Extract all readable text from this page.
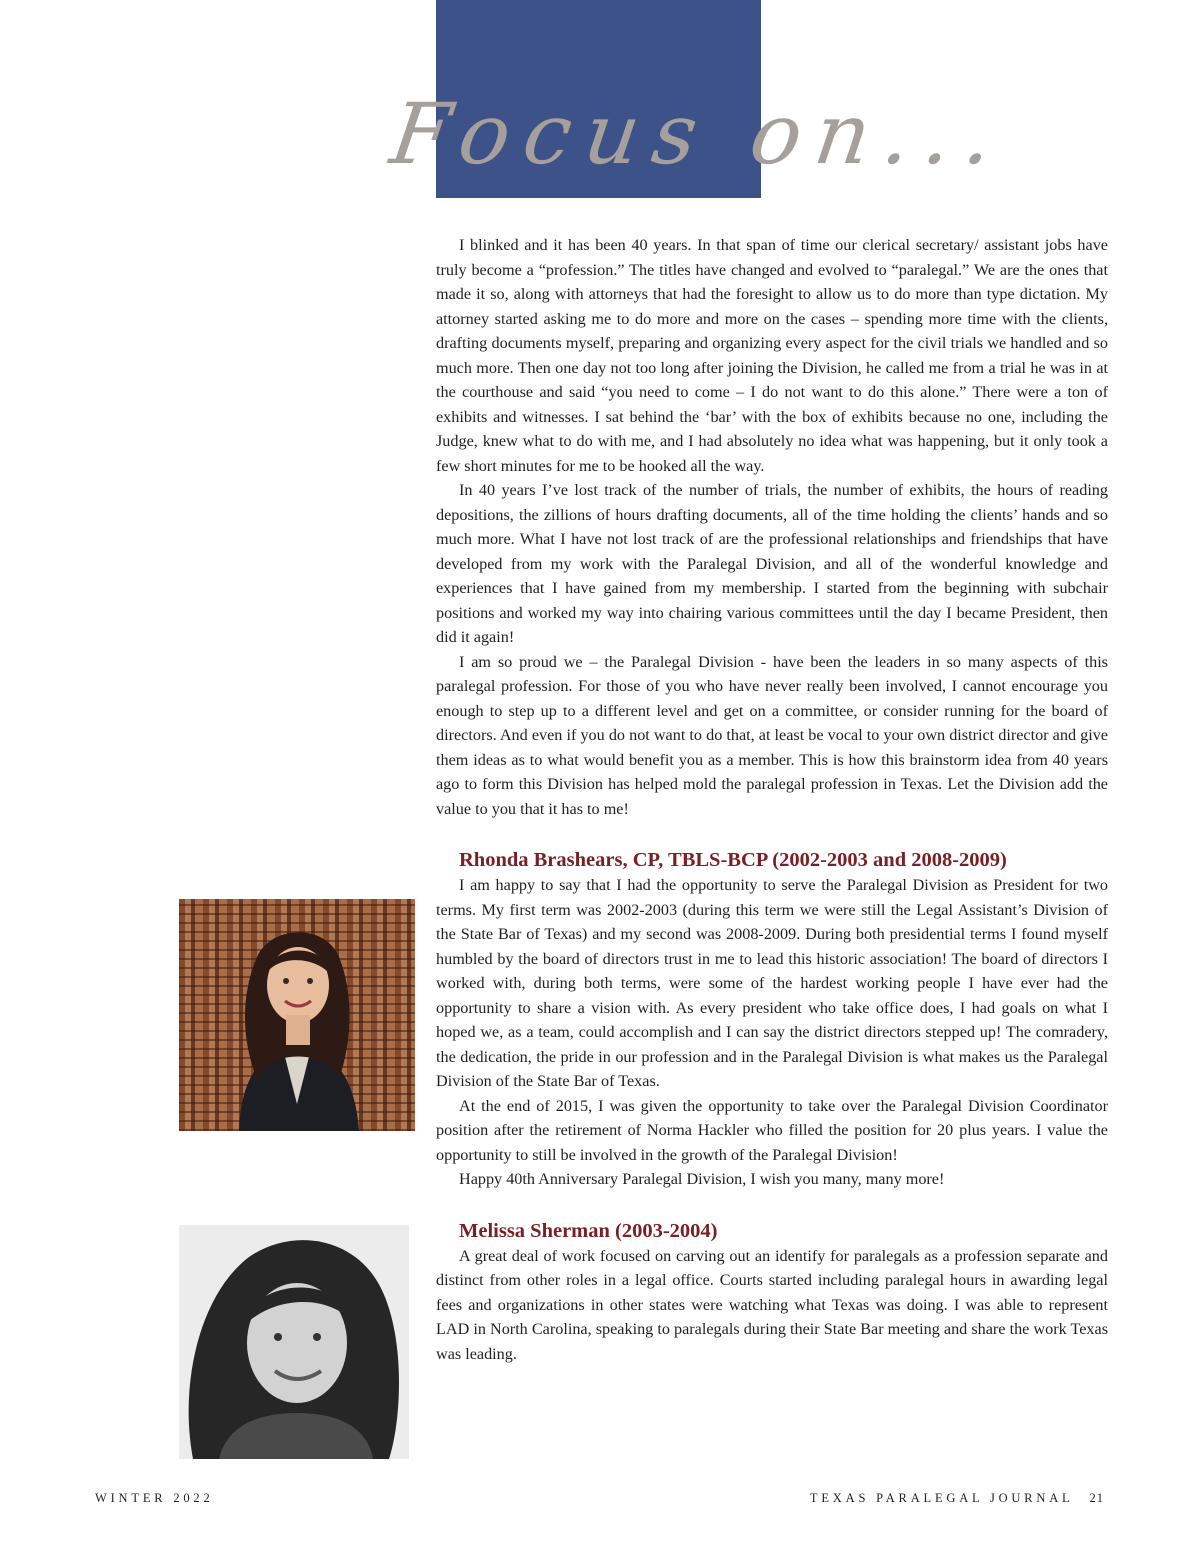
Focus on...

I blinked and it has been 40 years. In that span of time our clerical secretary/ assistant jobs have truly become a “profession.” The titles have changed and evolved to “paralegal.” We are the ones that made it so, along with attorneys that had the foresight to allow us to do more than type dictation. My attorney started asking me to do more and more on the cases – spending more time with the clients, drafting documents myself, preparing and organizing every aspect for the civil trials we handled and so much more. Then one day not too long after joining the Division, he called me from a trial he was in at the courthouse and said “you need to come – I do not want to do this alone.” There were a ton of exhibits and witnesses. I sat behind the ‘bar’ with the box of exhibits because no one, including the Judge, knew what to do with me, and I had absolutely no idea what was happening, but it only took a few short minutes for me to be hooked all the way.

In 40 years I’ve lost track of the number of trials, the number of exhibits, the hours of reading depositions, the zillions of hours drafting documents, all of the time holding the clients’ hands and so much more. What I have not lost track of are the professional relationships and friendships that have developed from my work with the Paralegal Division, and all of the wonderful knowledge and experiences that I have gained from my membership. I started from the beginning with subchair positions and worked my way into chairing various committees until the day I became President, then did it again!

I am so proud we – the Paralegal Division - have been the leaders in so many aspects of this paralegal profession. For those of you who have never really been involved, I cannot encourage you enough to step up to a different level and get on a committee, or consider running for the board of directors. And even if you do not want to do that, at least be vocal to your own district director and give them ideas as to what would benefit you as a member. This is how this brainstorm idea from 40 years ago to form this Division has helped mold the paralegal profession in Texas. Let the Division add the value to you that it has to me!

Rhonda Brashears, CP, TBLS-BCP (2002-2003 and 2008-2009)

I am happy to say that I had the opportunity to serve the Paralegal Division as President for two terms. My first term was 2002-2003 (during this term we were still the Legal Assistant’s Division of the State Bar of Texas) and my second was 2008-2009. During both presidential terms I found myself humbled by the board of directors trust in me to lead this historic association! The board of directors I worked with, during both terms, were some of the hardest working people I have ever had the opportunity to share a vision with. As every president who take office does, I had goals on what I hoped we, as a team, could accomplish and I can say the district directors stepped up! The comradery, the dedication, the pride in our profession and in the Paralegal Division is what makes us the Paralegal Division of the State Bar of Texas.

At the end of 2015, I was given the opportunity to take over the Paralegal Division Coordinator position after the retirement of Norma Hackler who filled the position for 20 plus years. I value the opportunity to still be involved in the growth of the Paralegal Division!

Happy 40th Anniversary Paralegal Division, I wish you many, many more!

Melissa Sherman (2003-2004)

A great deal of work focused on carving out an identify for paralegals as a profession separate and distinct from other roles in a legal office. Courts started including paralegal hours in awarding legal fees and organizations in other states were watching what Texas was doing. I was able to represent LAD in North Carolina, speaking to paralegals during their State Bar meeting and share the work Texas was leading.

WINTER 2022	TEXAS PARALEGAL JOURNAL 21
